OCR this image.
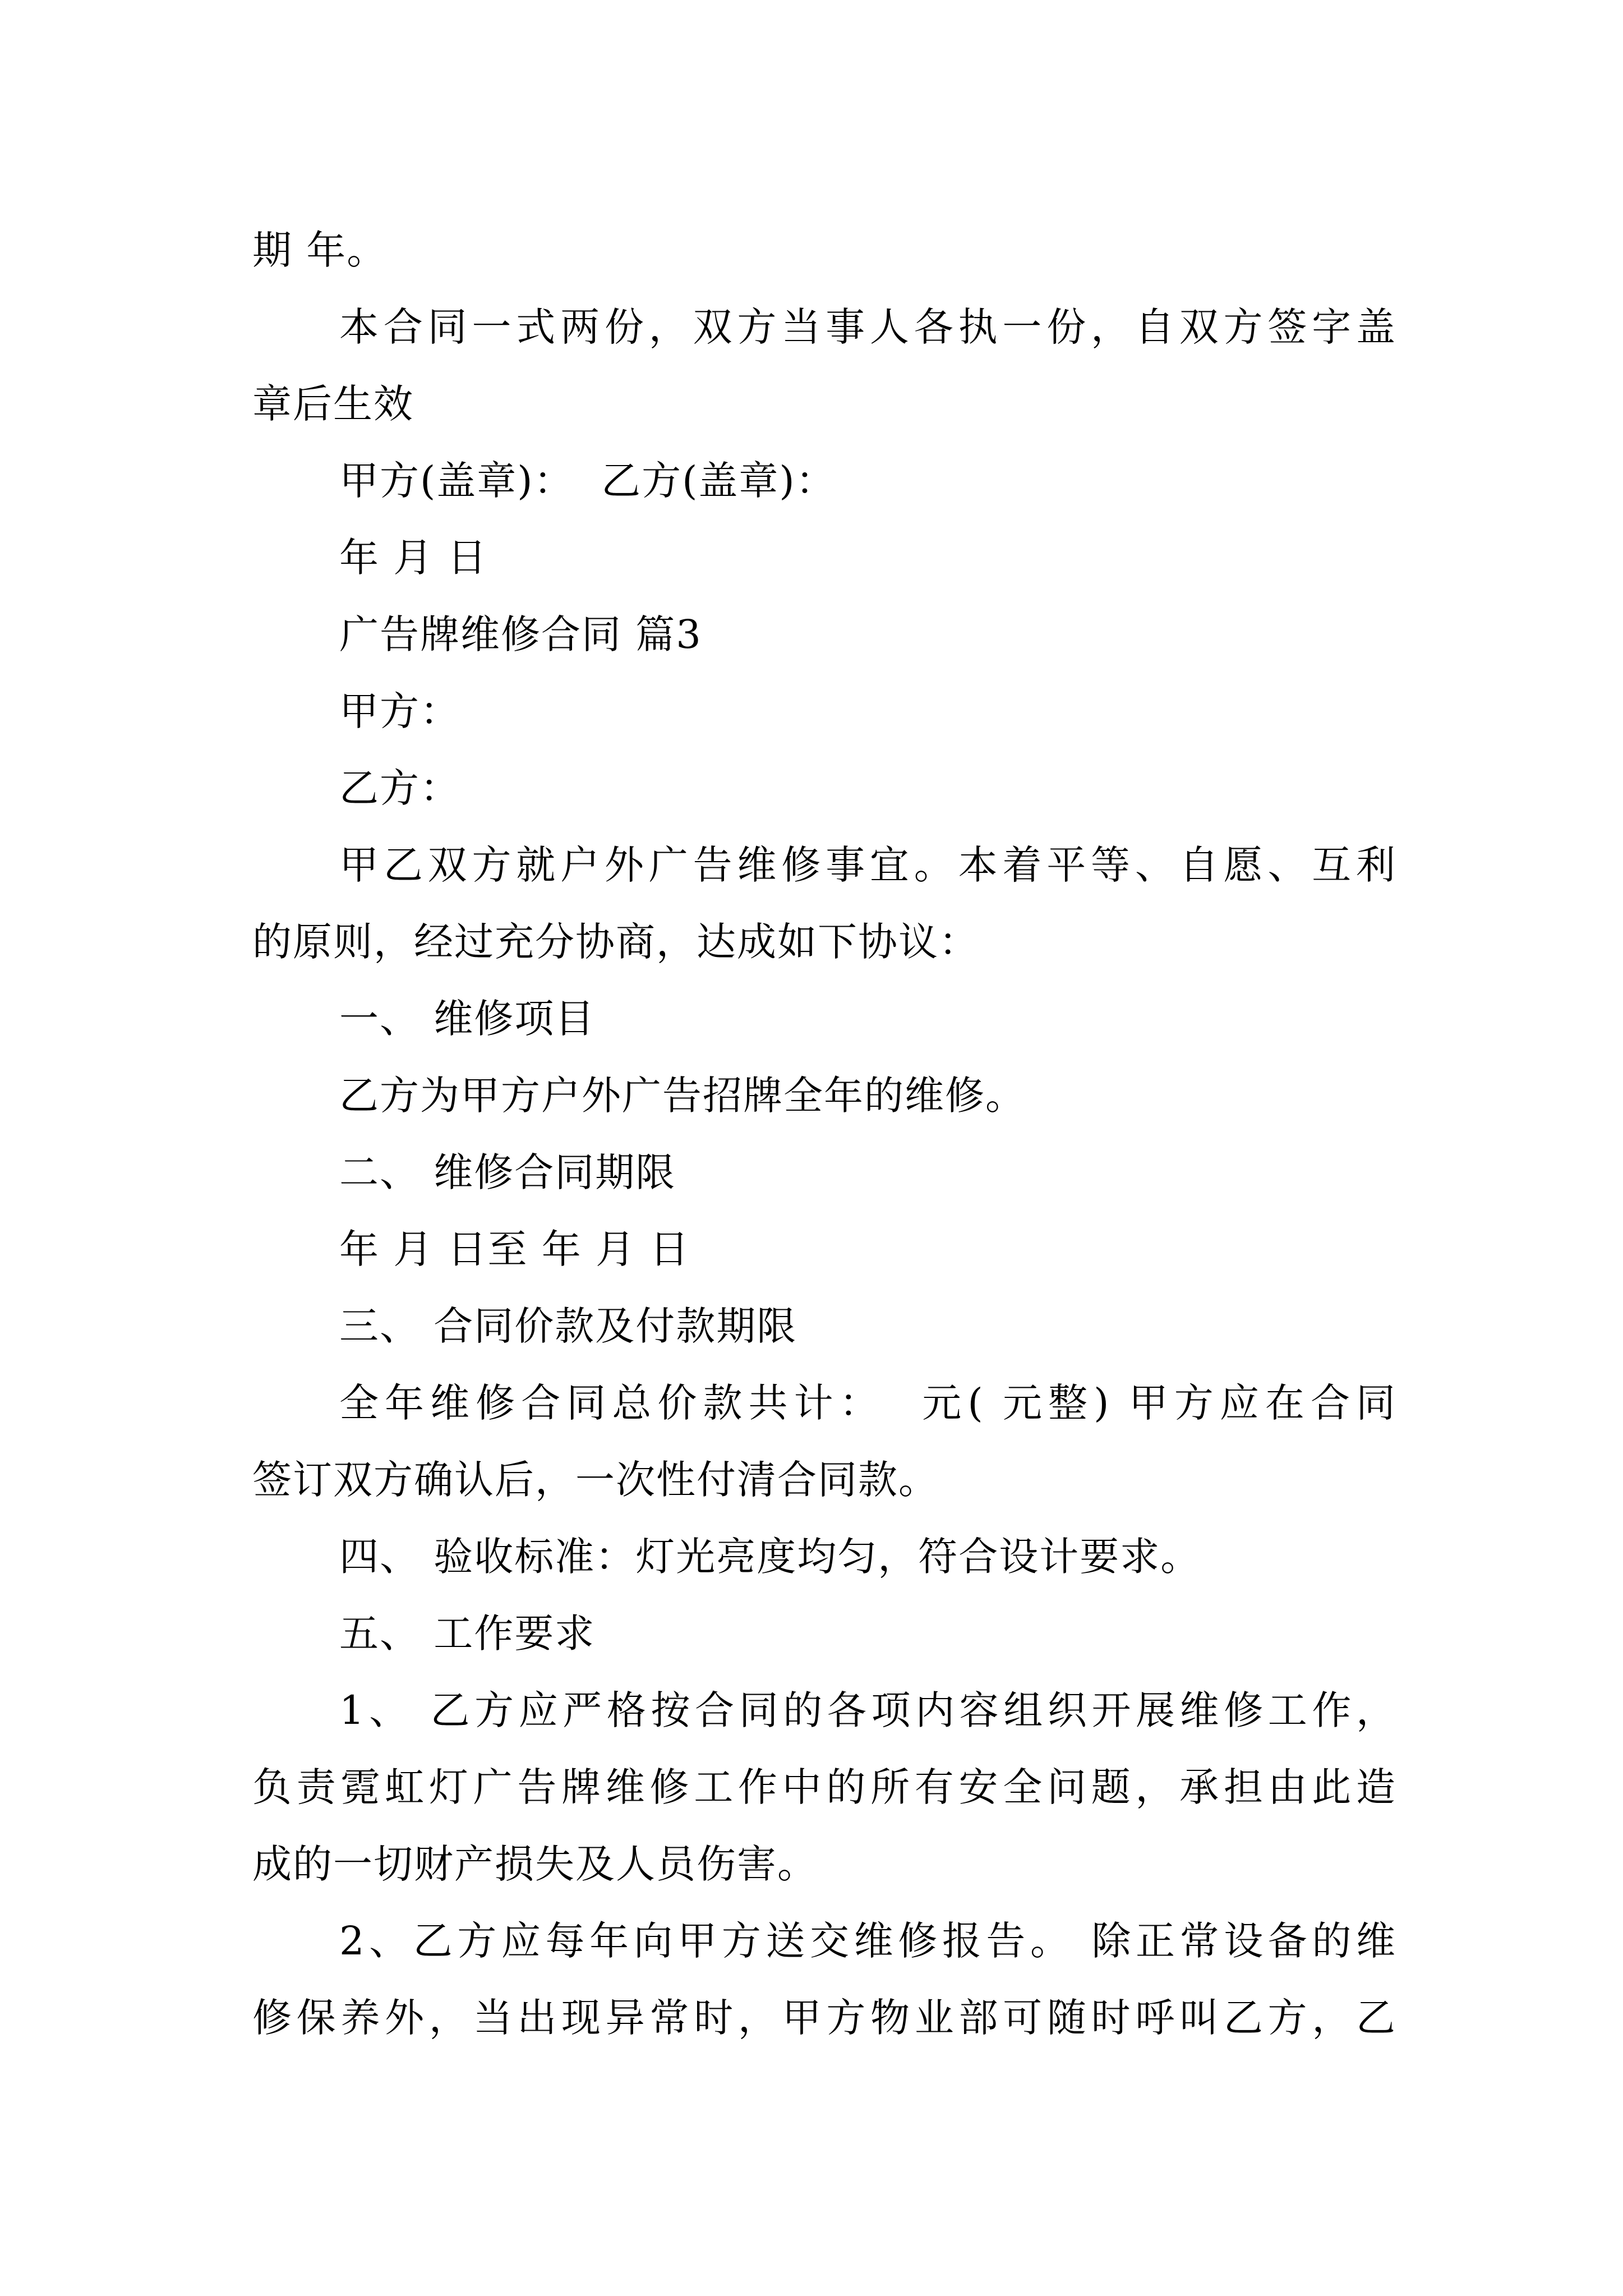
期 年。
本合同一式两份，双方当事人各执一份，自双方签字盖
章后生效
甲方(盖章)：  乙方(盖章)：
年 月 日
广告牌维修合同 篇3
甲方：
乙方：
甲乙双方就户外广告维修事宜。本着平等、自愿、互利
的原则，经过充分协商，达成如下协议：
一、 维修项目
乙方为甲方户外广告招牌全年的维修。
二、 维修合同期限
年 月 日至 年 月 日
三、 合同价款及付款期限
全年维修合同总价款共计：  元( 元整) 甲方应在合同
签订双方确认后，一次性付清合同款。
四、 验收标准：灯光亮度均匀，符合设计要求。
五、 工作要求
1、 乙方应严格按合同的各项内容组织开展维修工作，
负责霓虹灯广告牌维修工作中的所有安全问题，承担由此造
成的一切财产损失及人员伤害。
2、乙方应每年向甲方送交维修报告。 除正常设备的维
修保养外，当出现异常时，甲方物业部可随时呼叫乙方，乙
